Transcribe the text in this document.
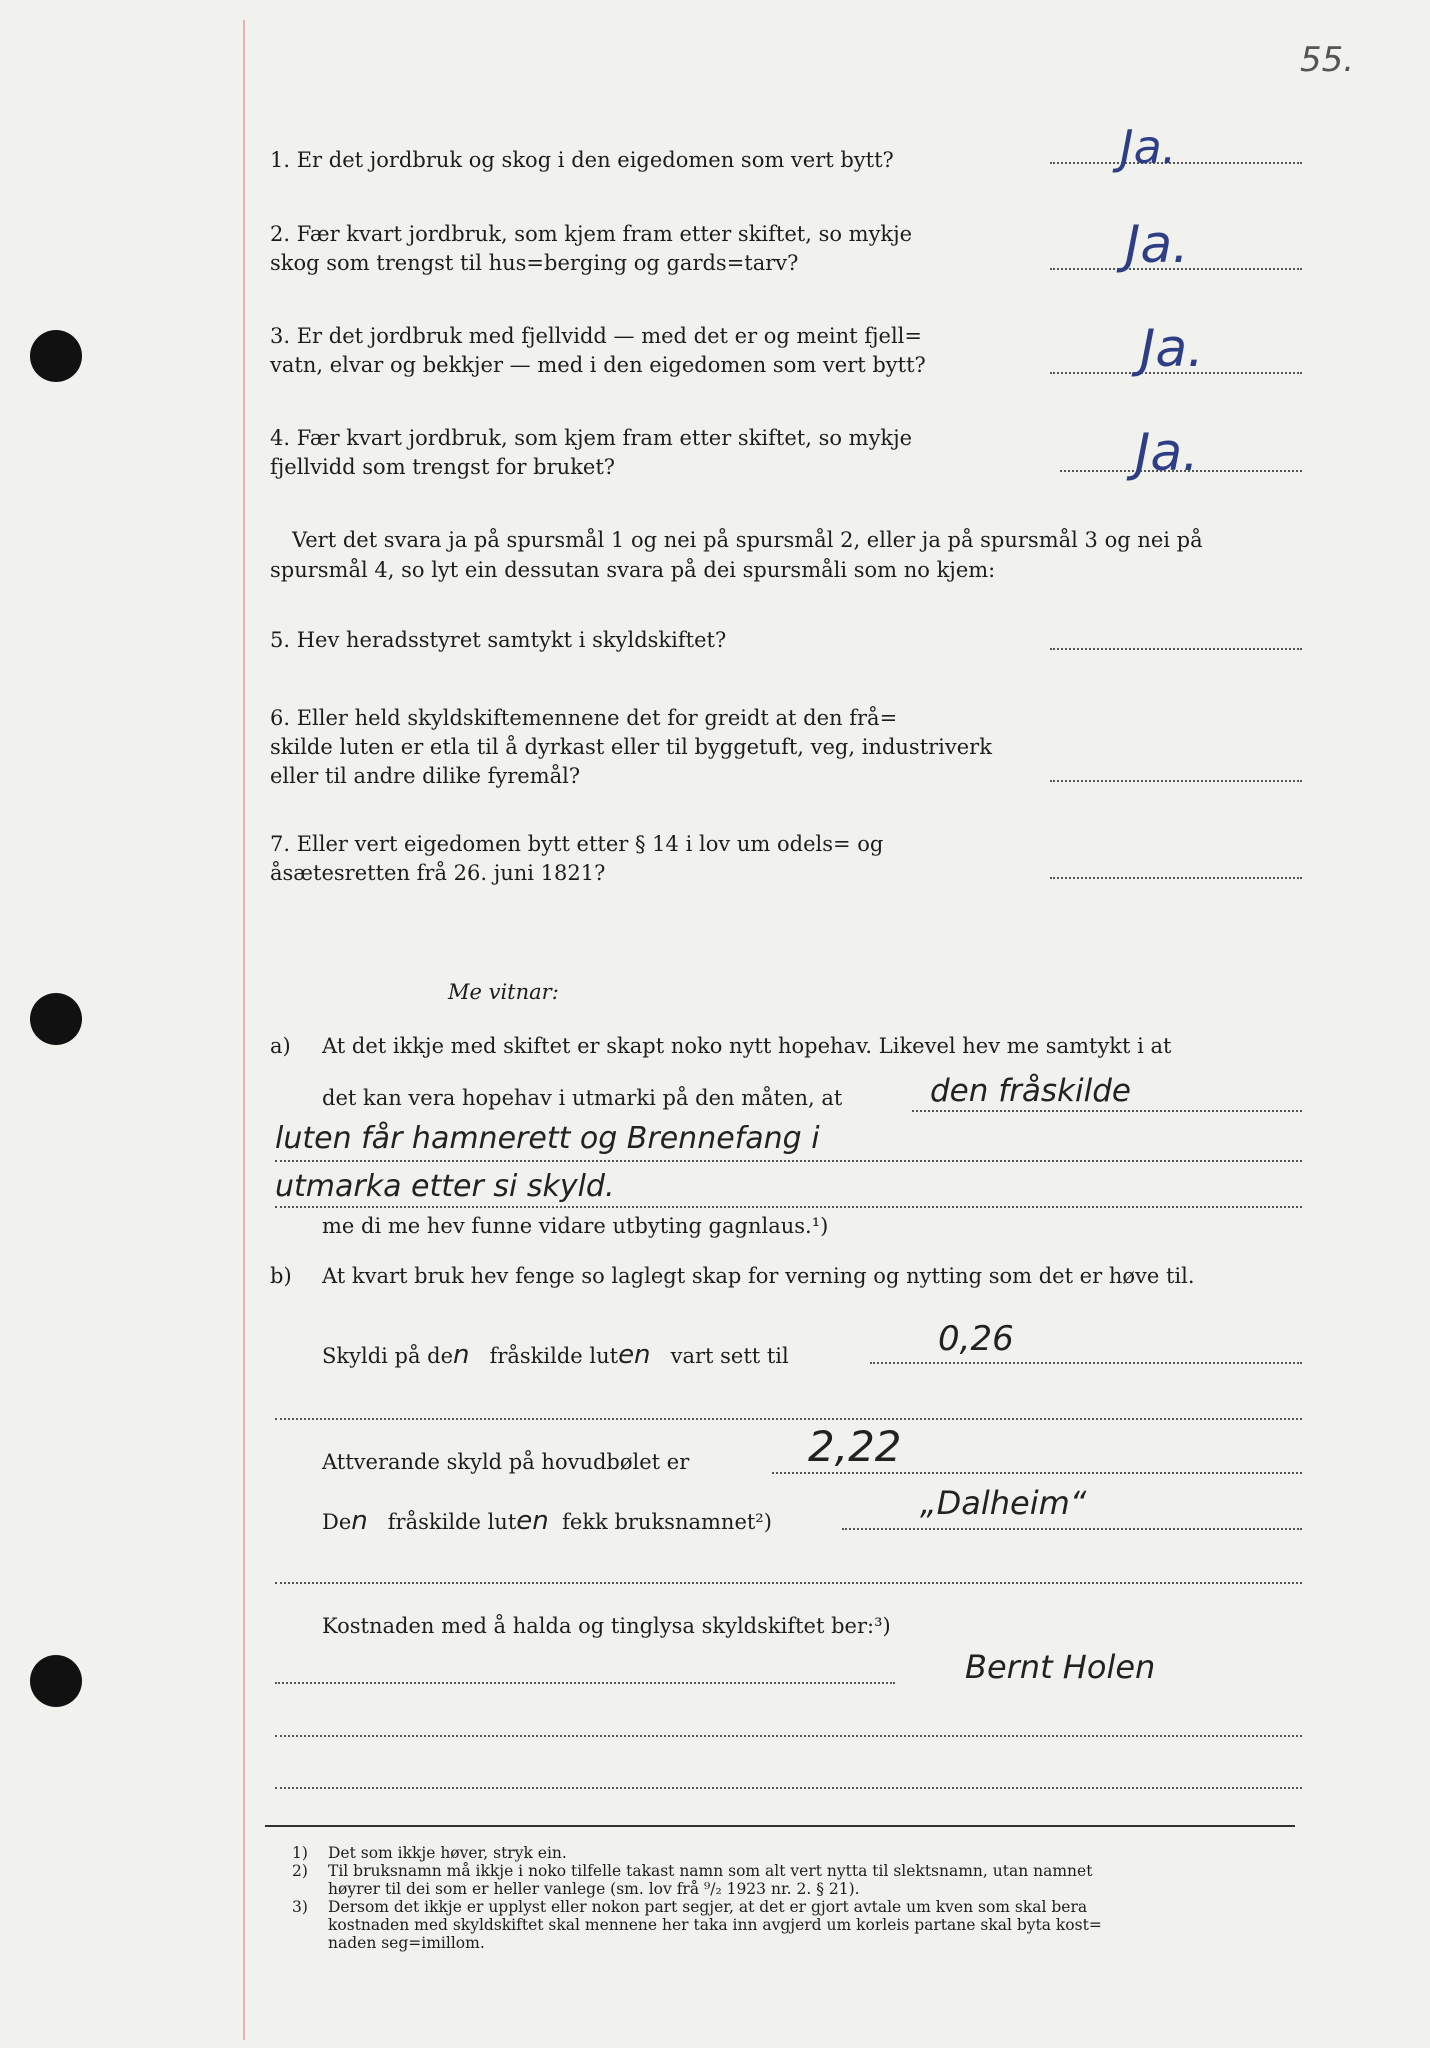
55.
1. Er det jordbruk og skog i den eigedomen som vert bytt?	Ja.
2. Fær kvart jordbruk, som kjem fram etter skiftet, so mykje
skog som trengst til hus=berging og gards=tarv?	Ja.
3. Er det jordbruk med fjellvidd — med det er og meint fjell=
vatn, elvar og bekkjer — med i den eigedomen som vert bytt?	Ja.
4. Fær kvart jordbruk, som kjem fram etter skiftet, so mykje
fjellvidd som trengst for bruket?	Ja.
Vert det svara ja på spursmål 1 og nei på spursmål 2, eller ja på spursmål 3 og nei på
spursmål 4, so lyt ein dessutan svara på dei spursmåli som no kjem:
5. Hev heradsstyret samtykt i skyldskiftet?
6. Eller held skyldskiftemennene det for greidt at den frå=
skilde luten er etla til å dyrkast eller til byggetuft, veg, industriverk
eller til andre dilike fyremål?
7. Eller vert eigedomen bytt etter § 14 i lov um odels= og
åsætesretten frå 26. juni 1821?
Me vitnar:
a) At det ikkje med skiftet er skapt noko nytt hopehav. Likevel hev me samtykt i at
det kan vera hopehav i utmarki på den måten, at	den fråskilde
luten får hamnerett og Brennefang i
utmarka etter si skyld.
me di me hev funne vidare utbyting gagnlaus.¹)
b) At kvart bruk hev fenge so laglegt skap for verning og nytting som det er høve til.
Skyldi på den fråskilde luten vart sett til	0,26
Attverande skyld på hovudbølet er	2,22
Den fråskilde luten fekk bruksnamnet²)	„Dalheim“
Kostnaden med å halda og tinglysa skyldskiftet ber:³)
Bernt Holen
1) Det som ikkje høver, stryk ein.
2) Til bruksnamn må ikkje i noko tilfelle takast namn som alt vert nytta til slektsnamn, utan namnet
høyrer til dei som er heller vanlege (sm. lov frå ⁹/₂ 1923 nr. 2. § 21).
3) Dersom det ikkje er upplyst eller nokon part segjer, at det er gjort avtale um kven som skal bera
kostnaden med skyldskiftet skal mennene her taka inn avgjerd um korleis partane skal byta kost=
naden seg=imillom.
